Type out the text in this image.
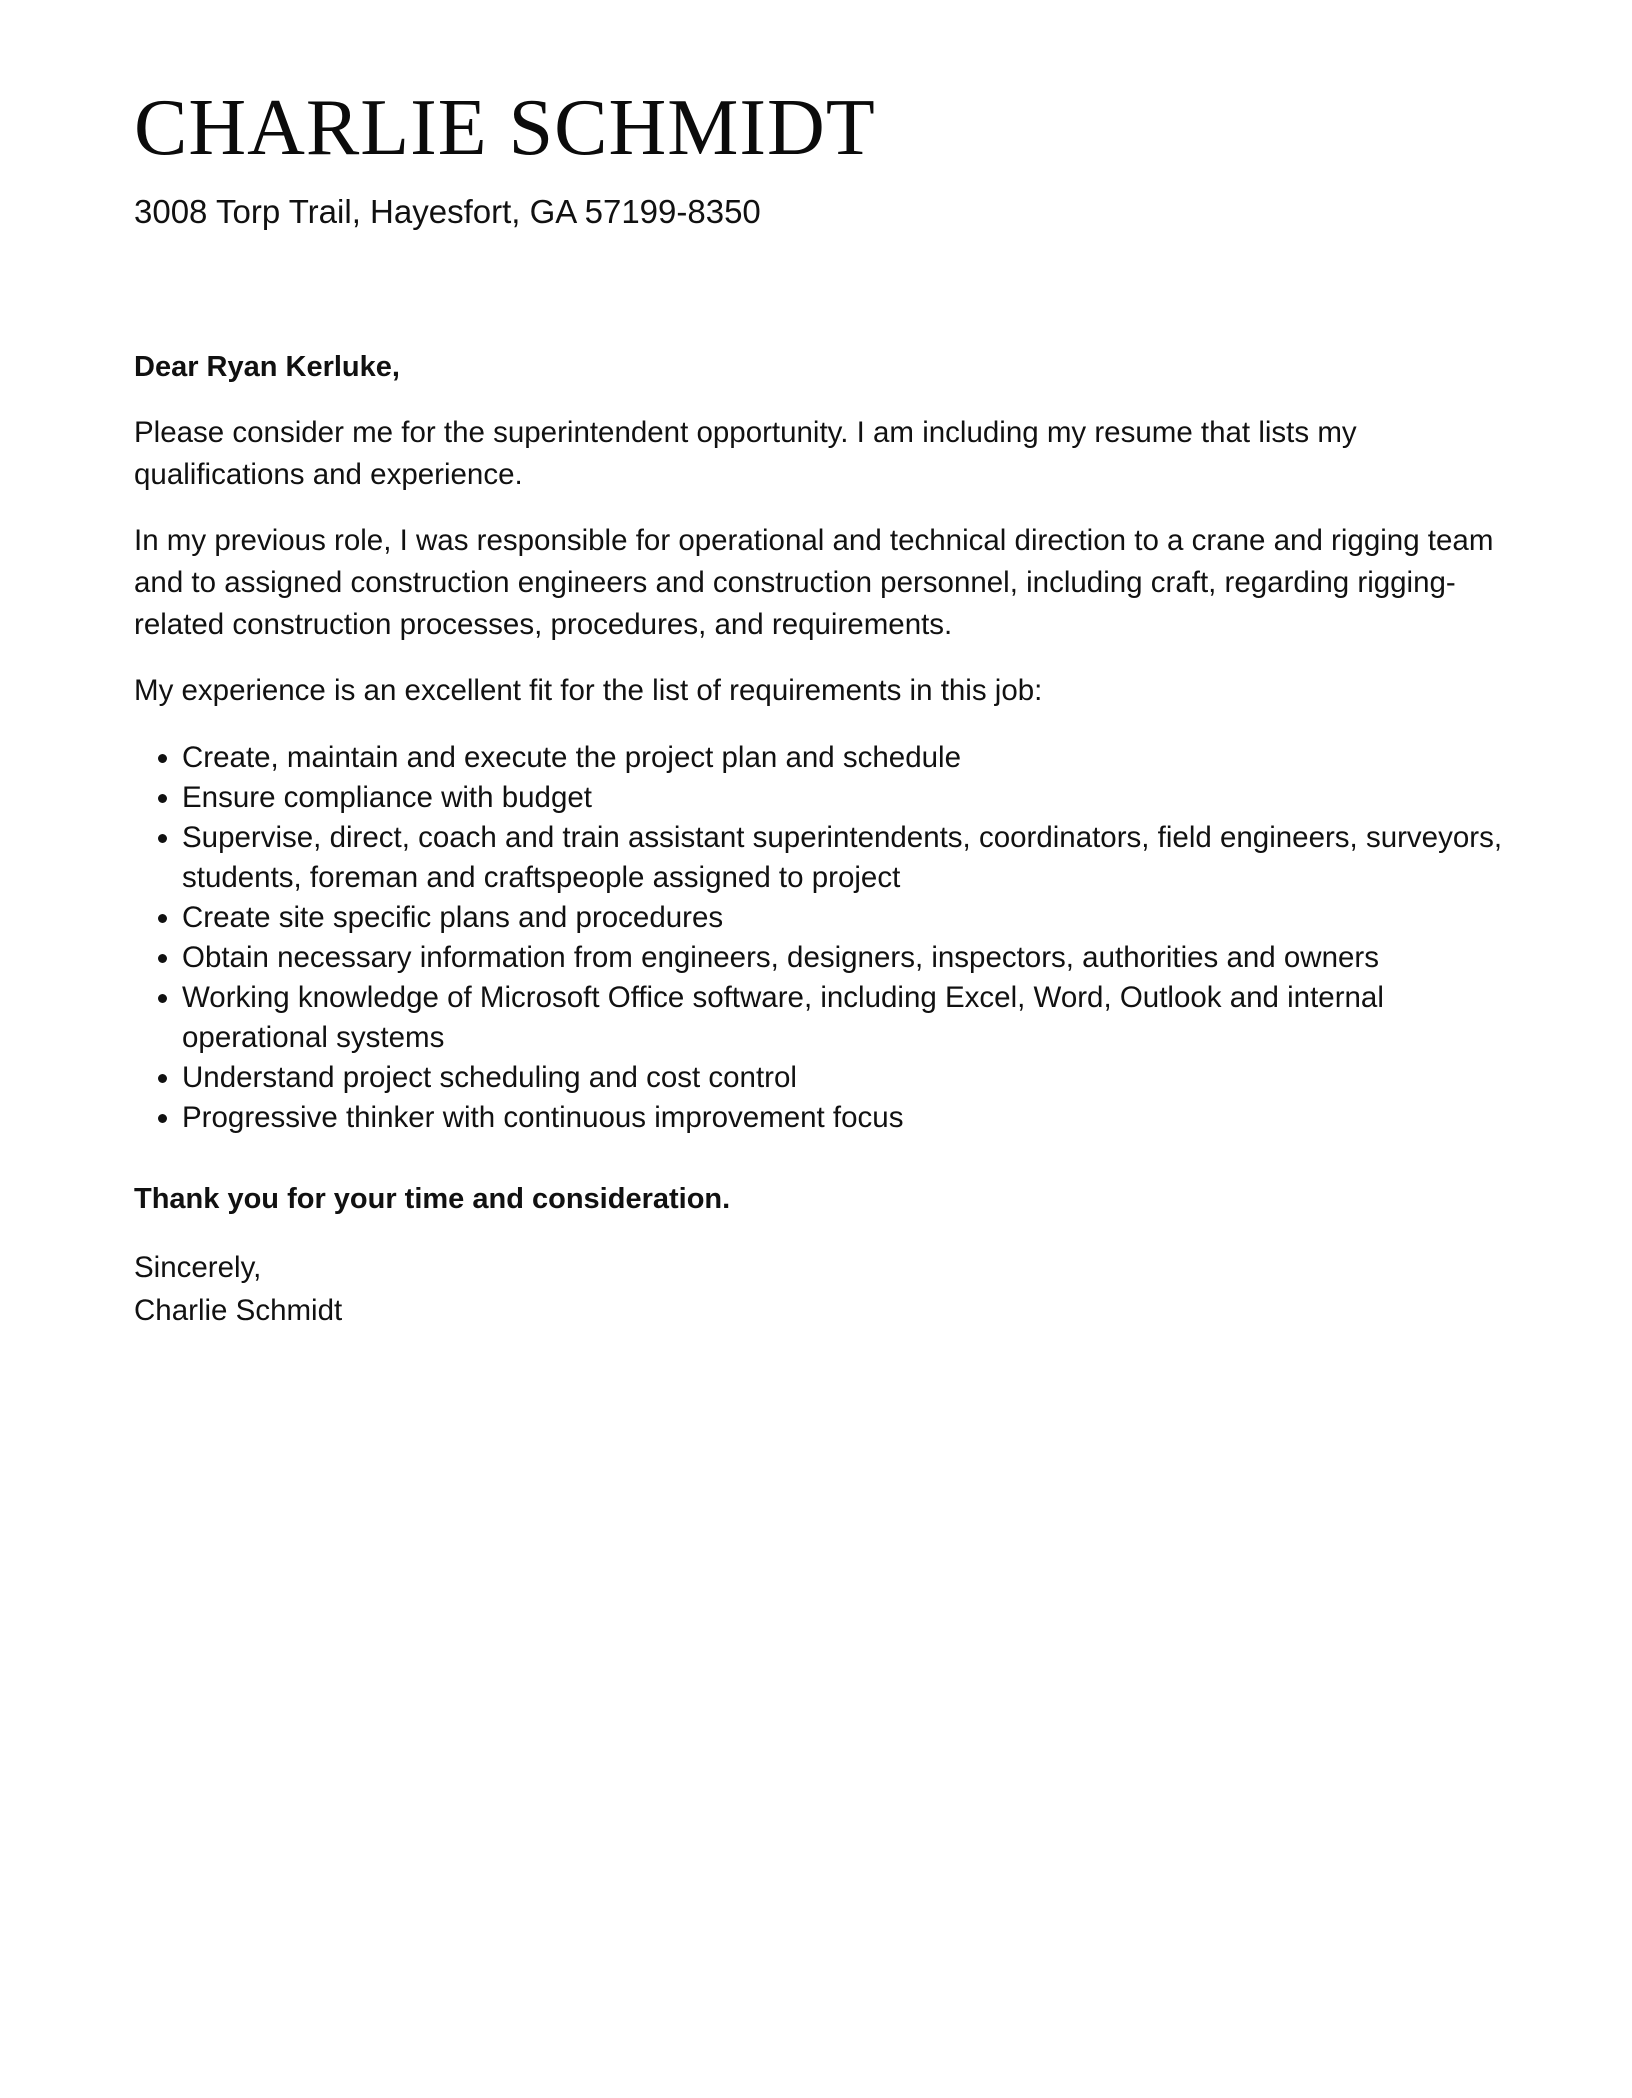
CHARLIE SCHMIDT
3008 Torp Trail, Hayesfort, GA 57199-8350
Dear Ryan Kerluke,

Please consider me for the superintendent opportunity. I am including my resume that lists my qualifications and experience.

In my previous role, I was responsible for operational and technical direction to a crane and rigging team and to assigned construction engineers and construction personnel, including craft, regarding rigging-related construction processes, procedures, and requirements.

My experience is an excellent fit for the list of requirements in this job:

• Create, maintain and execute the project plan and schedule
• Ensure compliance with budget
• Supervise, direct, coach and train assistant superintendents, coordinators, field engineers, surveyors, students, foreman and craftspeople assigned to project
• Create site specific plans and procedures
• Obtain necessary information from engineers, designers, inspectors, authorities and owners
• Working knowledge of Microsoft Office software, including Excel, Word, Outlook and internal operational systems
• Understand project scheduling and cost control
• Progressive thinker with continuous improvement focus
Thank you for your time and consideration.
Sincerely,
Charlie Schmidt
